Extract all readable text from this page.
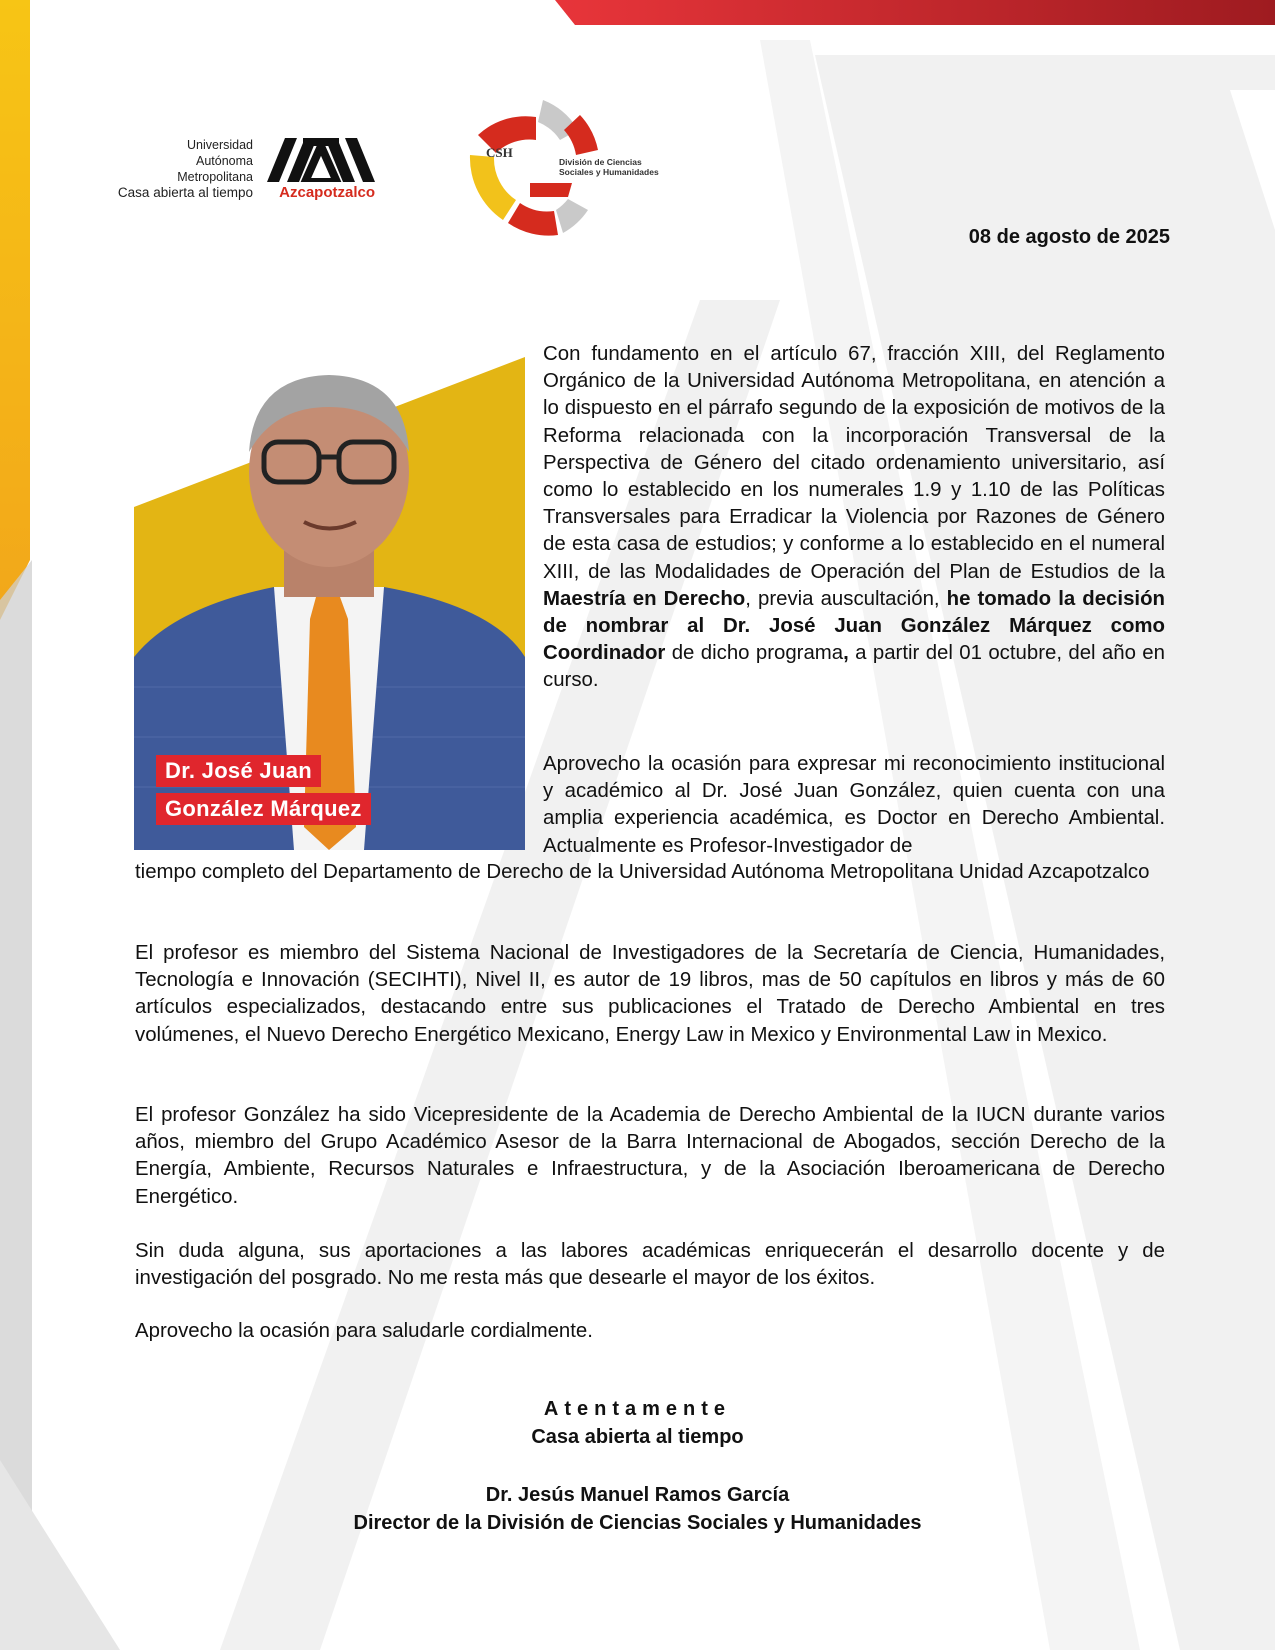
Universidad
Autónoma
Metropolitana
Casa abierta al tiempo Azcapotzalco
CSH
División de Ciencias
Sociales y Humanidades
08 de agosto de 2025
Dr. José Juan
González Márquez
Con fundamento en el artículo 67, fracción XIII, del Reglamento Orgánico de la Universidad Autónoma Metropolitana, en atención a lo dispuesto en el párrafo segundo de la exposición de motivos de la Reforma relacionada con la incorporación Transversal de la Perspectiva de Género del citado ordenamiento universitario, así como lo establecido en los numerales 1.9 y 1.10 de las Políticas Transversales para Erradicar la Violencia por Razones de Género de esta casa de estudios; y conforme a lo establecido en el numeral XIII, de las Modalidades de Operación del Plan de Estudios de la Maestría en Derecho, previa auscultación, he tomado la decisión de nombrar al Dr. José Juan González Márquez como Coordinador de dicho programa, a partir del 01 octubre, del año en curso.
Aprovecho la ocasión para expresar mi reconocimiento institucional y académico al Dr. José Juan González, quien cuenta con una amplia experiencia académica, es Doctor en Derecho Ambiental. Actualmente es Profesor-Investigador de
tiempo completo del Departamento de Derecho de la Universidad Autónoma Metropolitana Unidad Azcapotzalco
El profesor es miembro del Sistema Nacional de Investigadores de la Secretaría de Ciencia, Humanidades, Tecnología e Innovación (SECIHTI), Nivel II, es autor de 19 libros, mas de 50 capítulos en libros y más de 60 artículos especializados, destacando entre sus publicaciones el Tratado de Derecho Ambiental en tres volúmenes, el Nuevo Derecho Energético Mexicano, Energy Law in Mexico y Environmental Law in Mexico.
El profesor González ha sido Vicepresidente de la Academia de Derecho Ambiental de la IUCN durante varios años, miembro del Grupo Académico Asesor de la Barra Internacional de Abogados, sección Derecho de la Energía, Ambiente, Recursos Naturales e Infraestructura, y de la Asociación Iberoamericana de Derecho Energético.
Sin duda alguna, sus aportaciones a las labores académicas enriquecerán el desarrollo docente y de investigación del posgrado. No me resta más que desearle el mayor de los éxitos.
Aprovecho la ocasión para saludarle cordialmente.
Atentamente
Casa abierta al tiempo
Dr. Jesús Manuel Ramos García
Director de la División de Ciencias Sociales y Humanidades
